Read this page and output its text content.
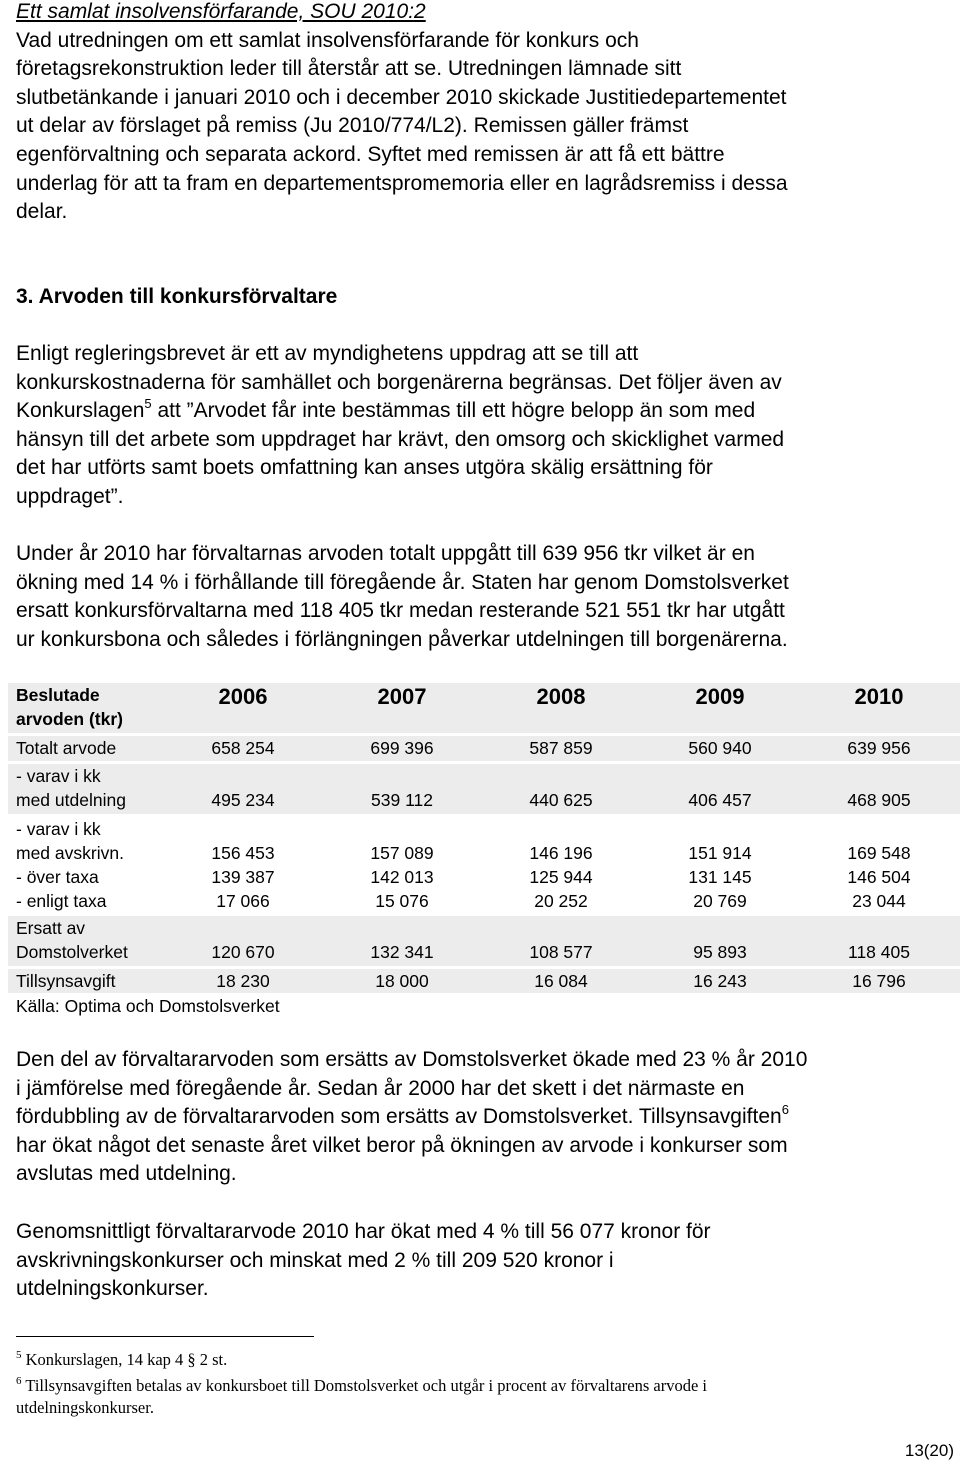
Ett samlat insolvensförfarande, SOU 2010:2
Vad utredningen om ett samlat insolvensförfarande för konkurs och
företagsrekonstruktion leder till återstår att se. Utredningen lämnade sitt
slutbetänkande i januari 2010 och i december 2010 skickade Justitiedepartementet
ut delar av förslaget på remiss (Ju 2010/774/L2). Remissen gäller främst
egenförvaltning och separata ackord. Syftet med remissen är att få ett bättre
underlag för att ta fram en departementspromemoria eller en lagrådsremiss i dessa
delar.
3. Arvoden till konkursförvaltare
Enligt regleringsbrevet är ett av myndighetens uppdrag att se till att
konkurskostnaderna för samhället och borgenärerna begränsas. Det följer även av
Konkurslagen$^5$ att ”Arvodet får inte bestämmas till ett högre belopp än som med
hänsyn till det arbete som uppdraget har krävt, den omsorg och skicklighet varmed
det har utförts samt boets omfattning kan anses utgöra skälig ersättning för
uppdraget”.
Under år 2010 har förvaltarnas arvoden totalt uppgått till 639 956 tkr vilket är en
ökning med 14 % i förhållande till föregående år. Staten har genom Domstolsverket
ersatt konkursförvaltarna med 118 405 tkr medan resterande 521 551 tkr har utgått
ur konkursbona och således i förlängningen påverkar utdelningen till borgenärerna.
Beslutade
arvoden (tkr)
2006	2007	2008	2009	2010
Totalt arvode	658 254	699 396	587 859	560 940	639 956
- varav i kk
med utdelning	495 234	539 112	440 625	406 457	468 905
- varav i kk
med avskrivn.	156 453	157 089	146 196	151 914	169 548
- över taxa	139 387	142 013	125 944	131 145	146 504
- enligt taxa	17 066	15 076	20 252	20 769	23 044
Ersatt av
Domstolverket	120 670	132 341	108 577	95 893	118 405
Tillsynsavgift	18 230	18 000	16 084	16 243	16 796
Källa: Optima och Domstolsverket
Den del av förvaltararvoden som ersätts av Domstolsverket ökade med 23 % år 2010
i jämförelse med föregående år. Sedan år 2000 har det skett i det närmaste en
fördubbling av de förvaltararvoden som ersätts av Domstolsverket. Tillsynsavgiften$^6$
har ökat något det senaste året vilket beror på ökningen av arvode i konkurser som
avslutas med utdelning.
Genomsnittligt förvaltararvode 2010 har ökat med 4 % till 56 077 kronor för
avskrivningskonkurser och minskat med 2 % till 209 520 kronor i
utdelningskonkurser.
$^5$ Konkurslagen, 14 kap 4 § 2 st.
$^6$ Tillsynsavgiften betalas av konkursboet till Domstolsverket och utgår i procent av förvaltarens arvode i
utdelningskonkurser.
13(20)
